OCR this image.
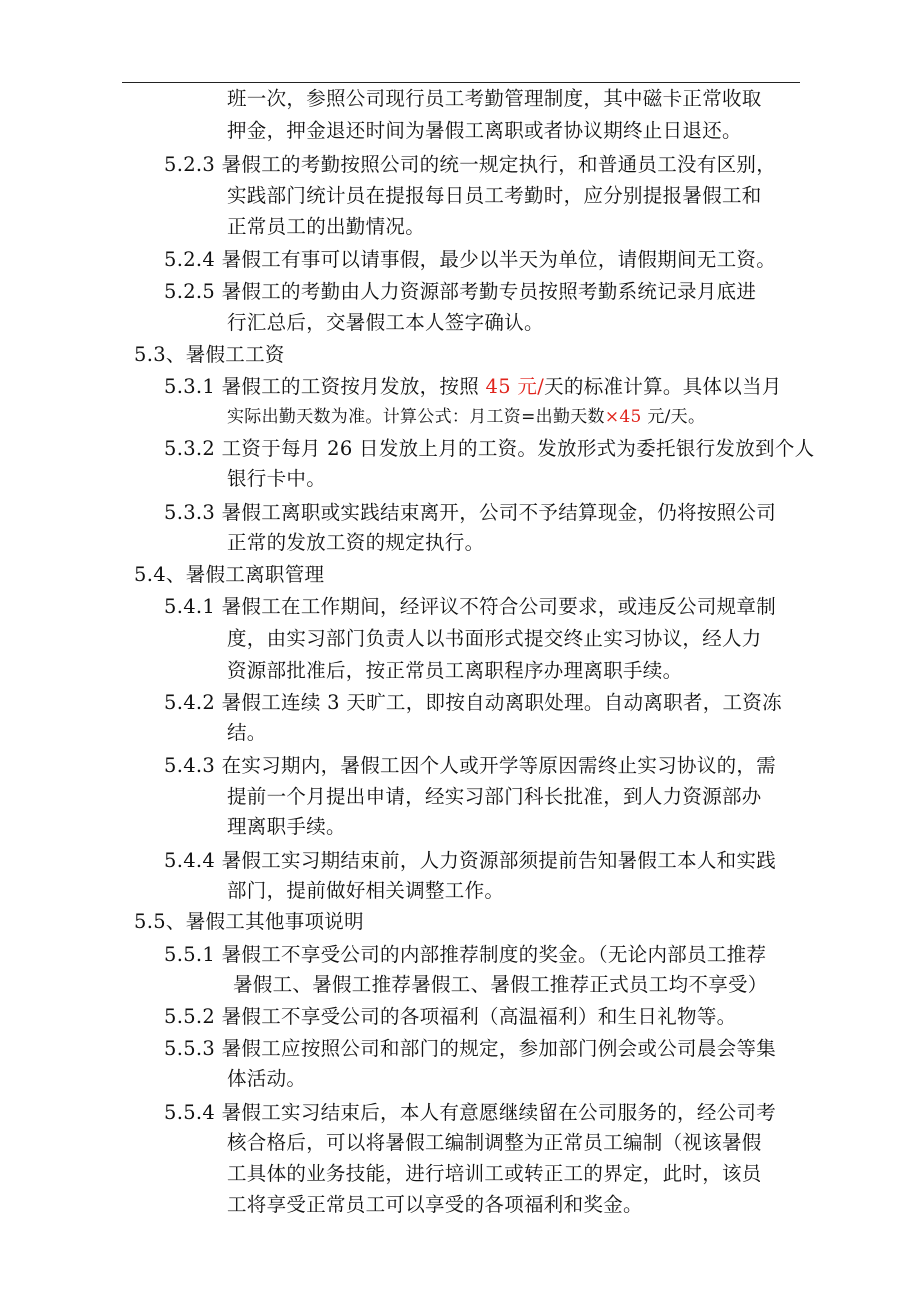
班一次，参照公司现行员工考勤管理制度，其中磁卡正常收取
押金，押金退还时间为暑假工离职或者协议期终止日退还。
5.2.3 暑假工的考勤按照公司的统一规定执行，和普通员工没有区别，
实践部门统计员在提报每日员工考勤时，应分别提报暑假工和
正常员工的出勤情况。
5.2.4 暑假工有事可以请事假，最少以半天为单位，请假期间无工资。
5.2.5 暑假工的考勤由人力资源部考勤专员按照考勤系统记录月底进
行汇总后，交暑假工本人签字确认。
5.3、暑假工工资
5.3.1 暑假工的工资按月发放，按照 45 元/天的标准计算。具体以当月
实际出勤天数为准。计算公式：月工资=出勤天数×45 元/天。
5.3.2 工资于每月 26 日发放上月的工资。发放形式为委托银行发放到个人
银行卡中。
5.3.3 暑假工离职或实践结束离开，公司不予结算现金，仍将按照公司
正常的发放工资的规定执行。
5.4、暑假工离职管理
5.4.1 暑假工在工作期间，经评议不符合公司要求，或违反公司规章制
度，由实习部门负责人以书面形式提交终止实习协议，经人力
资源部批准后，按正常员工离职程序办理离职手续。
5.4.2 暑假工连续 3 天旷工，即按自动离职处理。自动离职者，工资冻
结。
5.4.3 在实习期内，暑假工因个人或开学等原因需终止实习协议的，需
提前一个月提出申请，经实习部门科长批准，到人力资源部办
理离职手续。
5.4.4 暑假工实习期结束前，人力资源部须提前告知暑假工本人和实践
部门，提前做好相关调整工作。
5.5、暑假工其他事项说明
5.5.1 暑假工不享受公司的内部推荐制度的奖金。（无论内部员工推荐
暑假工、暑假工推荐暑假工、暑假工推荐正式员工均不享受）
5.5.2 暑假工不享受公司的各项福利（高温福利）和生日礼物等。
5.5.3 暑假工应按照公司和部门的规定，参加部门例会或公司晨会等集
体活动。
5.5.4 暑假工实习结束后，本人有意愿继续留在公司服务的，经公司考
核合格后，可以将暑假工编制调整为正常员工编制（视该暑假
工具体的业务技能，进行培训工或转正工的界定，此时，该员
工将享受正常员工可以享受的各项福利和奖金。
